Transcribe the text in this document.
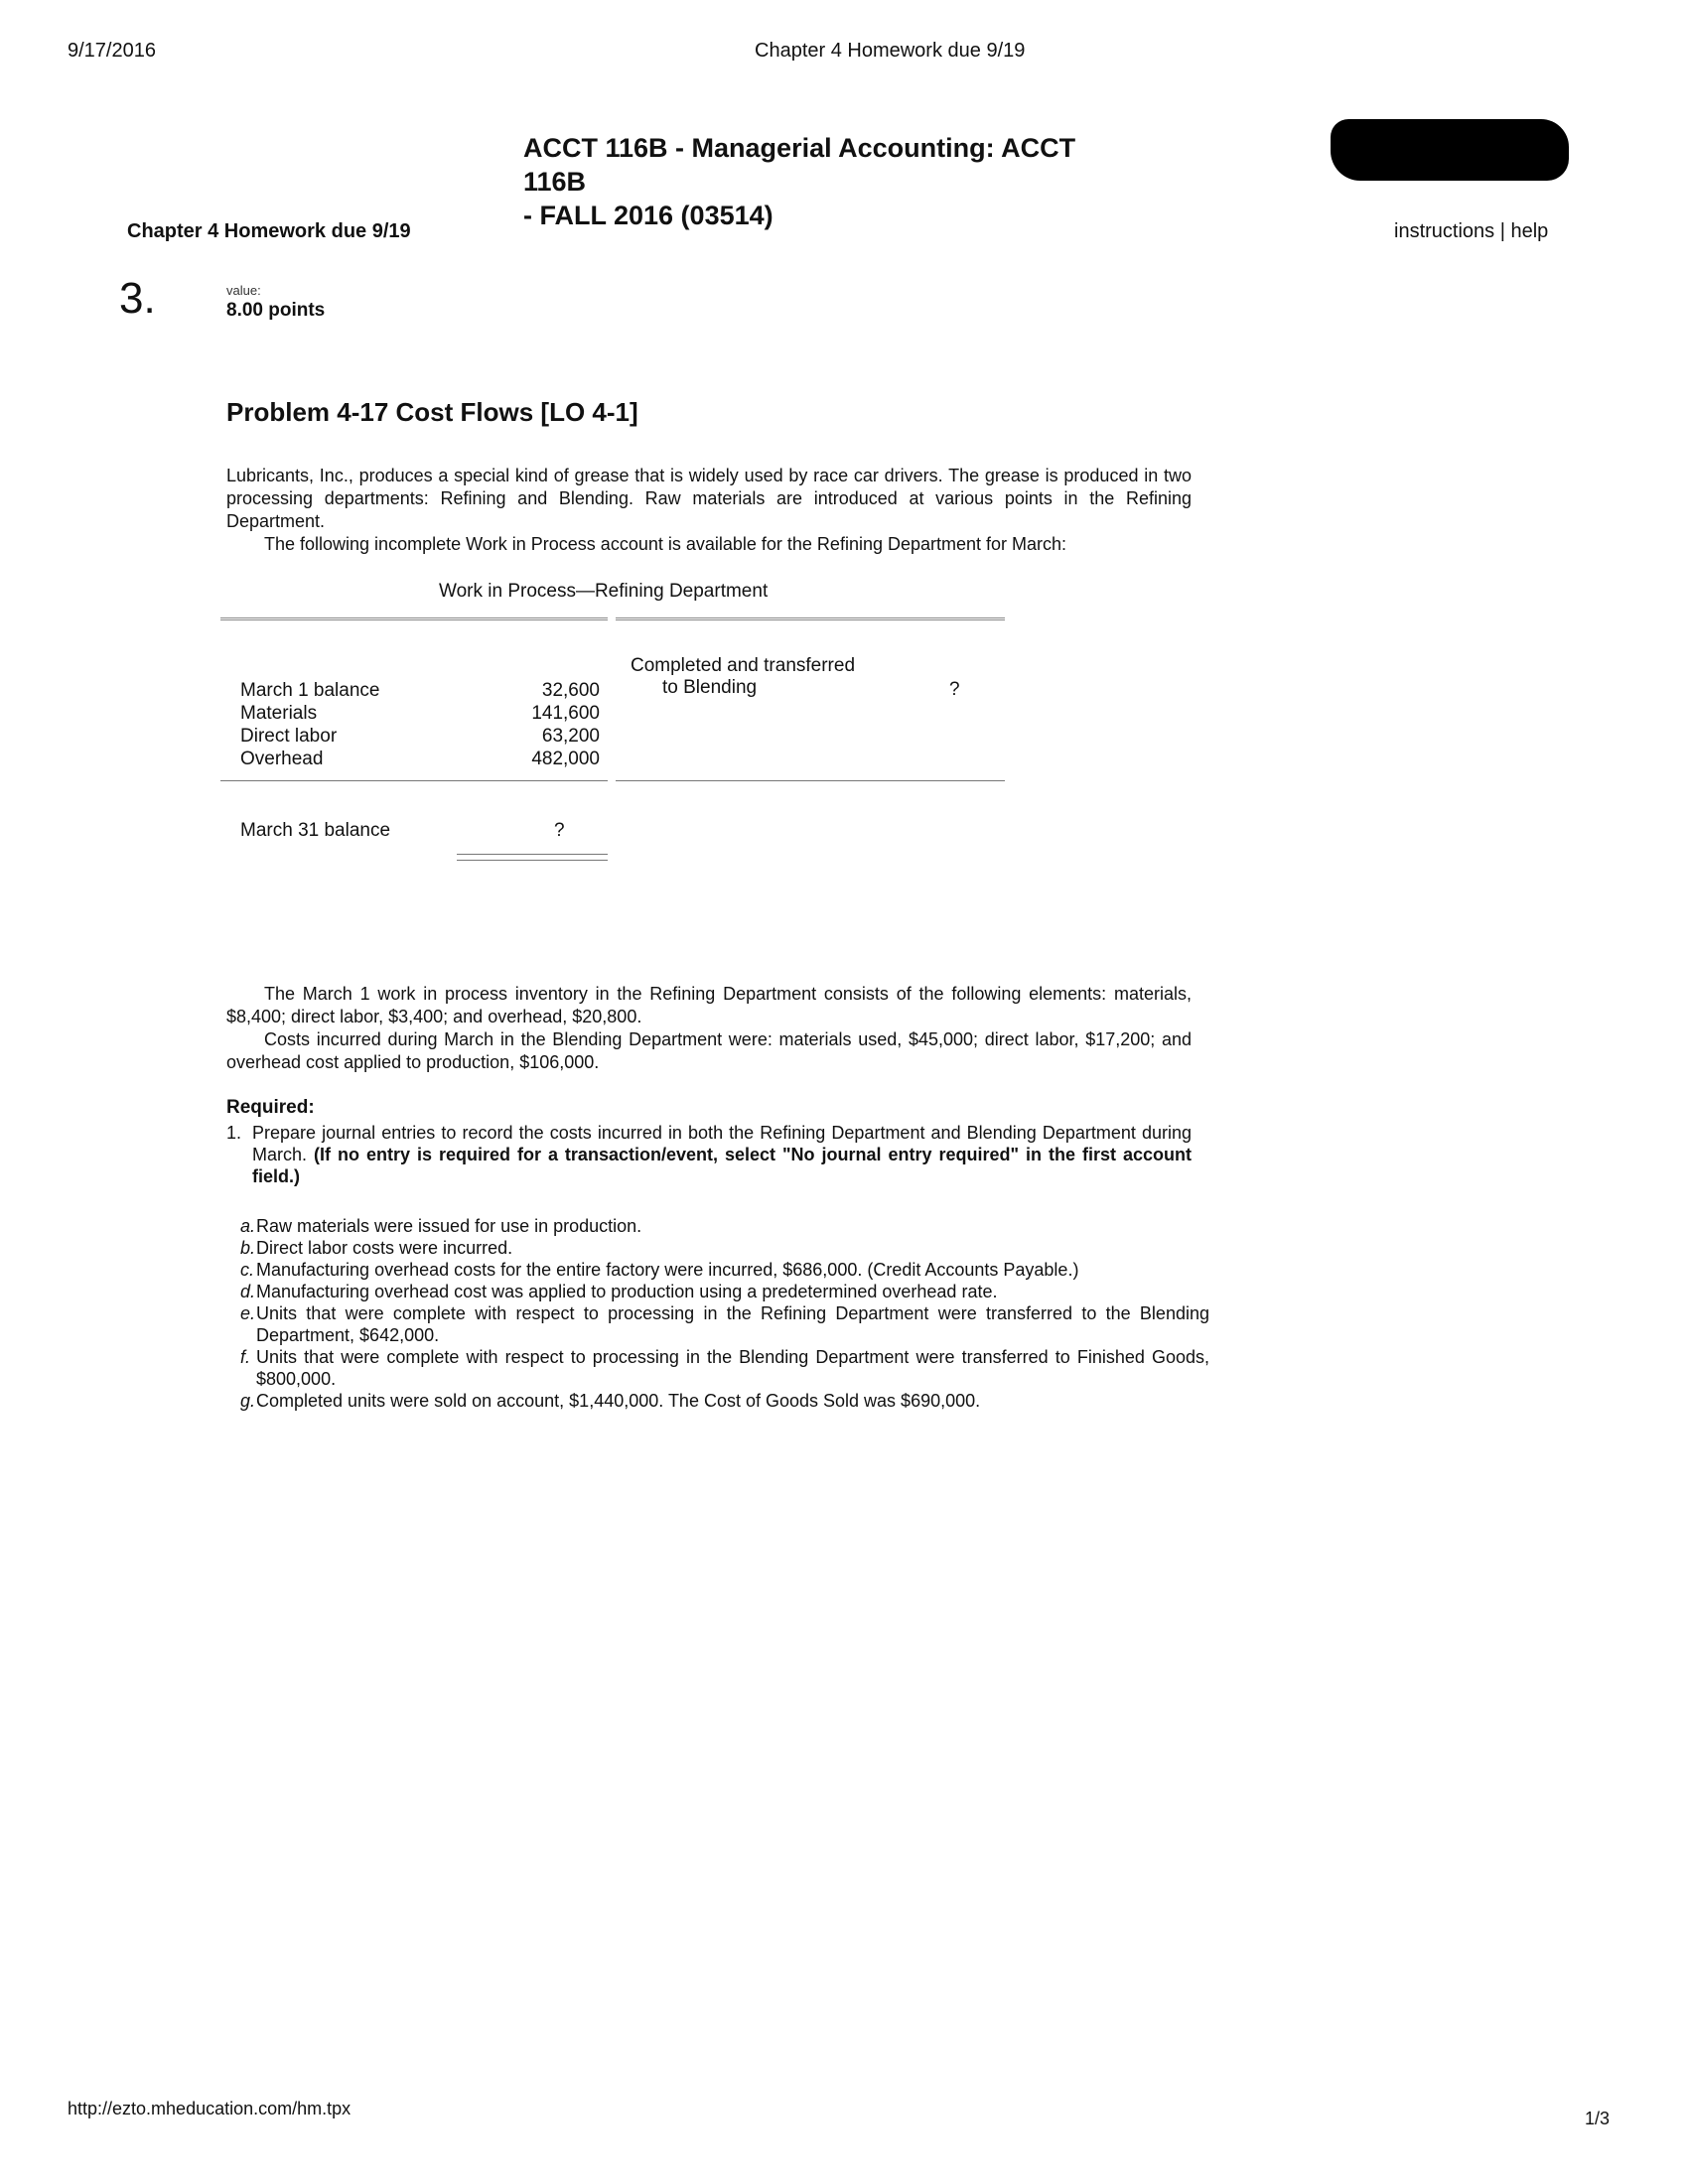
9/17/2016	Chapter 4 Homework due 9/19
ACCT 116B - Managerial Accounting: ACCT 116B
- FALL 2016 (03514)
Chapter 4 Homework due 9/19	instructions | help
3.	value:
8.00 points
Problem 4-17 Cost Flows [LO 4-1]
Lubricants, Inc., produces a special kind of grease that is widely used by race car drivers. The grease is produced in two processing departments: Refining and Blending. Raw materials are introduced at various points in the Refining Department.
The following incomplete Work in Process account is available for the Refining Department for March:
Work in Process—Refining Department
Completed and transferred
to Blending	?
March 1 balance	32,600
Materials	141,600
Direct labor	63,200
Overhead	482,000
March 31 balance	?
The March 1 work in process inventory in the Refining Department consists of the following elements: materials, $8,400; direct labor, $3,400; and overhead, $20,800.
Costs incurred during March in the Blending Department were: materials used, $45,000; direct labor, $17,200; and overhead cost applied to production, $106,000.
Required:
1. Prepare journal entries to record the costs incurred in both the Refining Department and Blending Department during March. (If no entry is required for a transaction/event, select "No journal entry required" in the first account field.)
a. Raw materials were issued for use in production.
b. Direct labor costs were incurred.
c. Manufacturing overhead costs for the entire factory were incurred, $686,000. (Credit Accounts Payable.)
d. Manufacturing overhead cost was applied to production using a predetermined overhead rate.
e. Units that were complete with respect to processing in the Refining Department were transferred to the Blending Department, $642,000.
f. Units that were complete with respect to processing in the Blending Department were transferred to Finished Goods, $800,000.
g. Completed units were sold on account, $1,440,000. The Cost of Goods Sold was $690,000.
http://ezto.mheducation.com/hm.tpx	1/3
